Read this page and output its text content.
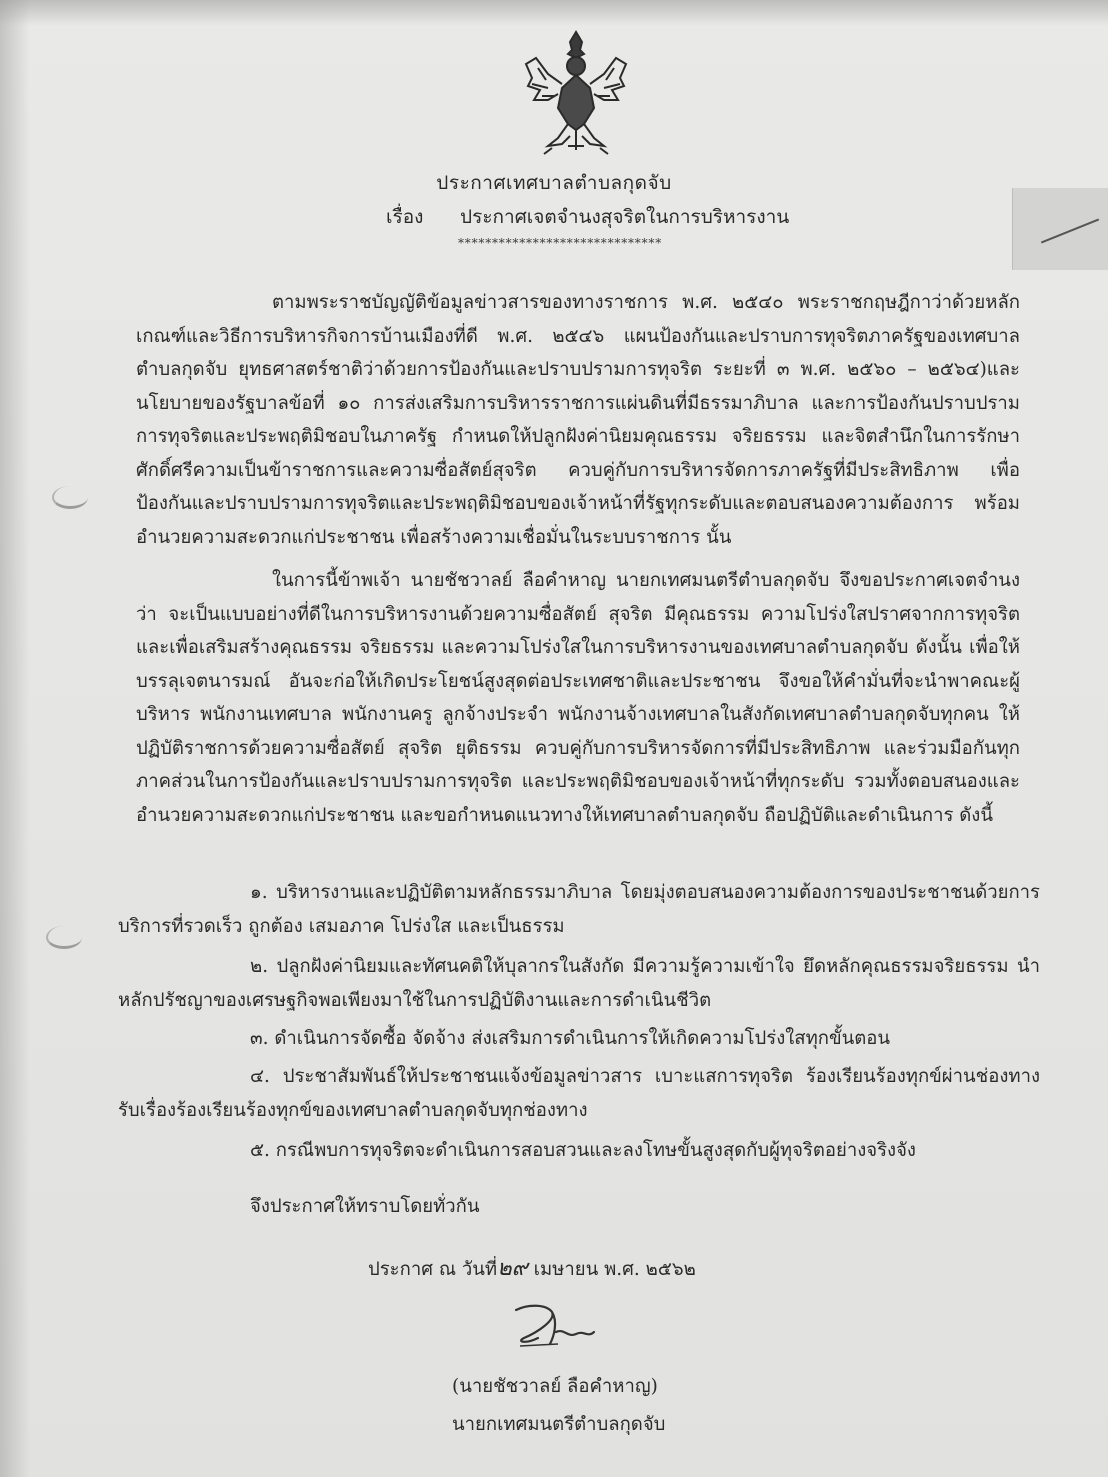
ประกาศเทศบาลตำบลกุดจับ
เรื่อง ประกาศเจตจำนงสุจริตในการบริหารงาน
******************************
ตามพระราชบัญญัติข้อมูลข่าวสารของทางราชการ พ.ศ. ๒๕๔๐ พระราชกฤษฎีกาว่าด้วยหลักเกณฑ์และวิธีการบริหารกิจการบ้านเมืองที่ดี พ.ศ. ๒๕๔๖ แผนป้องกันและปราบการทุจริตภาครัฐของเทศบาลตำบลกุดจับ ยุทธศาสตร์ชาติว่าด้วยการป้องกันและปราบปรามการทุจริต ระยะที่ ๓ พ.ศ. ๒๕๖๐ – ๒๕๖๔)และนโยบายของรัฐบาลข้อที่ ๑๐ การส่งเสริมการบริหารราชการแผ่นดินที่มีธรรมาภิบาล และการป้องกันปราบปรามการทุจริตและประพฤติมิชอบในภาครัฐ กำหนดให้ปลูกฝังค่านิยมคุณธรรม จริยธรรม และจิตสำนึกในการรักษาศักดิ์ศรีความเป็นข้าราชการและความซื่อสัตย์สุจริต ควบคู่กับการบริหารจัดการภาครัฐที่มีประสิทธิภาพ เพื่อป้องกันและปราบปรามการทุจริตและประพฤติมิชอบของเจ้าหน้าที่รัฐทุกระดับและตอบสนองความต้องการ พร้อมอำนวยความสะดวกแก่ประชาชน เพื่อสร้างความเชื่อมั่นในระบบราชการ นั้น
ในการนี้ข้าพเจ้า นายชัชวาลย์ ลือคำหาญ นายกเทศมนตรีตำบลกุดจับ จึงขอประกาศเจตจำนงว่า จะเป็นแบบอย่างที่ดีในการบริหารงานด้วยความซื่อสัตย์ สุจริต มีคุณธรรม ความโปร่งใสปราศจากการทุจริต และเพื่อเสริมสร้างคุณธรรม จริยธรรม และความโปร่งใสในการบริหารงานของเทศบาลตำบลกุดจับ ดังนั้น เพื่อให้บรรลุเจตนารมณ์ อันจะก่อให้เกิดประโยชน์สูงสุดต่อประเทศชาติและประชาชน จึงขอให้คำมั่นที่จะนำพาคณะผู้บริหาร พนักงานเทศบาล พนักงานครู ลูกจ้างประจำ พนักงานจ้างเทศบาลในสังกัดเทศบาลตำบลกุดจับทุกคน ให้ปฏิบัติราชการด้วยความซื่อสัตย์ สุจริต ยุติธรรม ควบคู่กับการบริหารจัดการที่มีประสิทธิภาพ และร่วมมือกันทุกภาคส่วนในการป้องกันและปราบปรามการทุจริต และประพฤติมิชอบของเจ้าหน้าที่ทุกระดับ รวมทั้งตอบสนองและอำนวยความสะดวกแก่ประชาชน และขอกำหนดแนวทางให้เทศบาลตำบลกุดจับ ถือปฏิบัติและดำเนินการ ดังนี้
๑. บริหารงานและปฏิบัติตามหลักธรรมาภิบาล โดยมุ่งตอบสนองความต้องการของประชาชนด้วยการบริการที่รวดเร็ว ถูกต้อง เสมอภาค โปร่งใส และเป็นธรรม
๒. ปลูกฝังค่านิยมและทัศนคติให้บุลากรในสังกัด มีความรู้ความเข้าใจ ยึดหลักคุณธรรมจริยธรรม นำหลักปรัชญาของเศรษฐกิจพอเพียงมาใช้ในการปฏิบัติงานและการดำเนินชีวิต
๓. ดำเนินการจัดซื้อ จัดจ้าง ส่งเสริมการดำเนินการให้เกิดความโปร่งใสทุกขั้นตอน
๔. ประชาสัมพันธ์ให้ประชาชนแจ้งข้อมูลข่าวสาร เบาะแสการทุจริต ร้องเรียนร้องทุกข์ผ่านช่องทางรับเรื่องร้องเรียนร้องทุกข์ของเทศบาลตำบลกุดจับทุกช่องทาง
๕. กรณีพบการทุจริตจะดำเนินการสอบสวนและลงโทษขั้นสูงสุดกับผู้ทุจริตอย่างจริงจัง
จึงประกาศให้ทราบโดยทั่วกัน
ประกาศ ณ วันที่๒๙ เมษายน พ.ศ. ๒๕๖๒
(นายชัชวาลย์ ลือคำหาญ)
นายกเทศมนตรีตำบลกุดจับ
